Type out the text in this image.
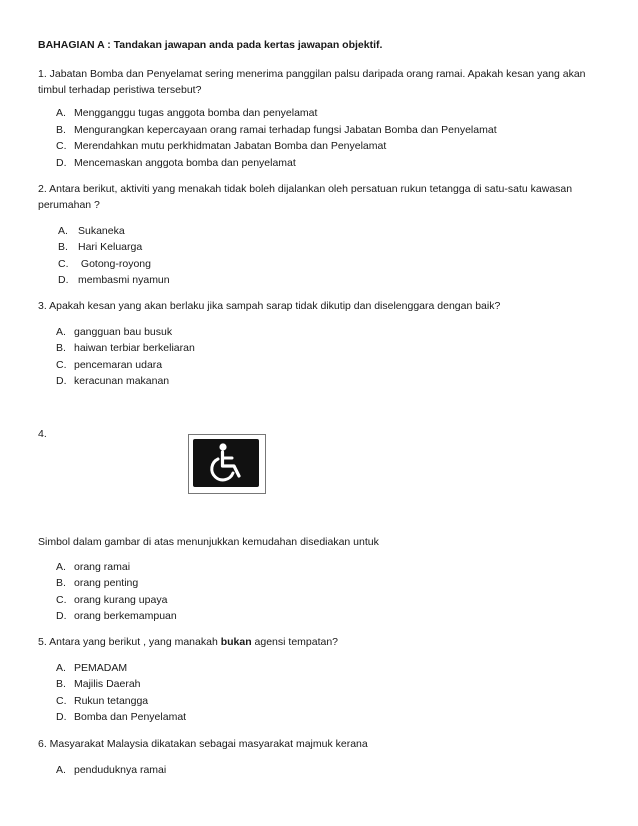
BAHAGIAN A : Tandakan jawapan anda pada kertas jawapan objektif.
1. Jabatan Bomba dan Penyelamat sering menerima panggilan palsu daripada orang ramai. Apakah kesan yang akan
timbul terhadap peristiwa tersebut?
A. Mengganggu tugas anggota bomba dan penyelamat
B. Mengurangkan kepercayaan orang ramai terhadap fungsi Jabatan Bomba dan Penyelamat
C. Merendahkan mutu perkhidmatan Jabatan Bomba dan Penyelamat
D. Mencemaskan anggota bomba dan penyelamat
2. Antara berikut, aktiviti yang menakah tidak boleh dijalankan oleh persatuan rukun tetangga di satu-satu kawasan
perumahan ?
A. Sukaneka
B. Hari Keluarga
C. Gotong-royong
D. membasmi nyamun
3. Apakah kesan yang akan berlaku jika sampah sarap tidak dikutip dan diselenggara dengan baik?
A. gangguan bau busuk
B. haiwan terbiar berkeliaran
C. pencemaran udara
D. keracunan makanan
4.
Simbol dalam gambar di atas menunjukkan kemudahan disediakan untuk
A. orang ramai
B. orang penting
C. orang kurang upaya
D. orang berkemampuan
5. Antara yang berikut , yang manakah bukan agensi tempatan?
A. PEMADAM
B. Majilis Daerah
C. Rukun tetangga
D. Bomba dan Penyelamat
6. Masyarakat Malaysia dikatakan sebagai masyarakat majmuk kerana
A. penduduknya ramai
